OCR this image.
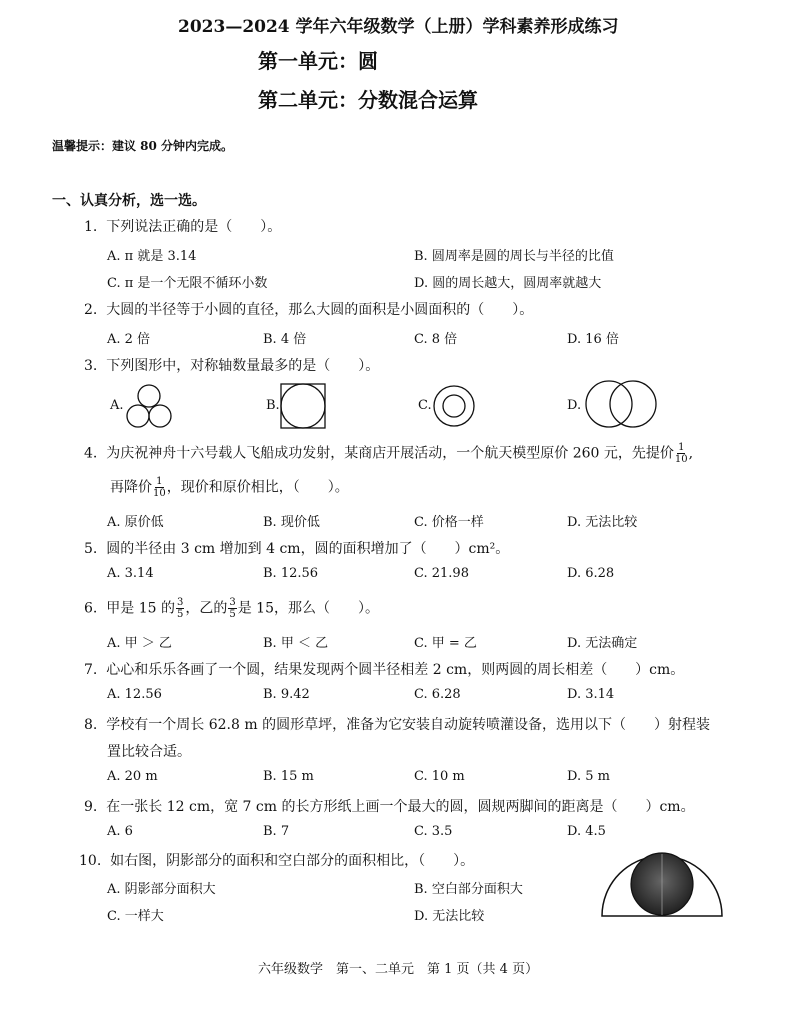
2023—2024 学年六年级数学（上册）学科素养形成练习
第一单元：圆
第二单元：分数混合运算
温馨提示：建议 80 分钟内完成。
一、认真分析，选一选。
1. 下列说法正确的是（　　）。
A. π 就是 3.14	B. 圆周率是圆的周长与半径的比值
C. π 是一个无限不循环小数	D. 圆的周长越大，圆周率就越大
2. 大圆的半径等于小圆的直径，那么大圆的面积是小圆面积的（　　）。
A. 2 倍	B. 4 倍	C. 8 倍	D. 16 倍
3. 下列图形中，对称轴数量最多的是（　　）。
A.	B.	C.	D.
4. 为庆祝神舟十六号载人飞船成功发射，某商店开展活动，一个航天模型原价 260 元，先提价 $\frac{1}{10}$ ,
再降价 $\frac{1}{10}$ ，现价和原价相比，（　　）。
A. 原价低	B. 现价低	C. 价格一样	D. 无法比较
5. 圆的半径由 3 cm 增加到 4 cm，圆的面积增加了（　　）cm²。
A. 3.14	B. 12.56	C. 21.98	D. 6.28
6. 甲是 15 的 $\frac{3}{5}$ ，乙的 $\frac{3}{5}$ 是 15，那么（　　）。
A. 甲 ＞ 乙	B. 甲 ＜ 乙	C. 甲 = 乙	D. 无法确定
7. 心心和乐乐各画了一个圆，结果发现两个圆半径相差 2 cm，则两圆的周长相差（　　）cm。
A. 12.56	B. 9.42	C. 6.28	D. 3.14
8. 学校有一个周长 62.8 m 的圆形草坪，准备为它安装自动旋转喷灌设备，选用以下（　　）射程装
置比较合适。
A. 20 m	B. 15 m	C. 10 m	D. 5 m
9. 在一张长 12 cm，宽 7 cm 的长方形纸上画一个最大的圆，圆规两脚间的距离是（　　）cm。
A. 6	B. 7	C. 3.5	D. 4.5
10. 如右图，阴影部分的面积和空白部分的面积相比，（　　）。
A. 阴影部分面积大	B. 空白部分面积大
C. 一样大	D. 无法比较
六年级数学　第一、二单元　第 1 页（共 4 页）
